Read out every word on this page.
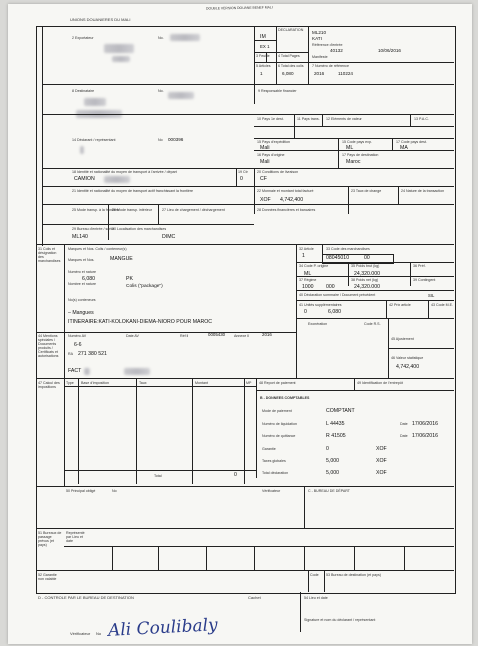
DOUBLE VERSION DOUANE BENEF MALI
UNIONS DOUANIERES DU MALI
DECLARATION
IM
EX 1
ML210
KATI
Référence d'entrée
40132	10/06/2016
Manifeste
3 Feuille 4 Total Pages
5 Articles
1
6 Total des colis
6,080
7 Numéro de référence
2016	110224
2 Exportateur	No.
8 Destinataire	No.	9 Responsable financier
10 Pays 1e dest.	11 Pays trans. 12 Eléments de valeur	13 P.A.C.
14 Déclarant / représentant	No 000396	15 Pays d'expédition
Mali
15 Code pays exp.
ML
17 Code pays dest.
MA
16 Pays d'origine
Mali
17 Pays de destination
Maroc
18 Identité et nationalité du moyen de transport à l'arrivée / départ
CAMION
19 Ctr
0
20 Conditions de livraison
CF
21 Identité et nationalité du moyen de transport actif franchissant la frontière	22 Monnaie et montant total facturé
XOF 4,742,400
23 Taux de change	24 Nature de la transaction
25 Mode transp. à la frontière
26 Mode transp. intérieur	27 Lieu de chargement / déchargement	28 Données financières et bancaires
29 Bureau d'entrée / sortie
ML140
30 Localisation des marchandises
DIMC
31 Colis et désignation des marchandises
Marques et Nos. Colis / conteneur(s)
MANGUE
Marques et Nos.
Numéro et nature
6,080	PK
Nombre et nature	Colis ("package")
No(s) conteneurs
– Mangues
ITINERAIRE:KATI-KOLOKANI-DIEMA-NIORO POUR MAROC
32 Article
1
33 Code des marchandises
08045010	00
34 Code P. origine
ML
35 Poids brut (kg)
24,320.000
36 Préf.
37 Régime
1000 000
38 Poids net (kg)
24,320.000
39 Contingent
40 Déclaration sommaire / Document précédent	SIL
41 Unités supplémentaires
0	6,080
42 Prix article	43 Code M.E.
44 Mentions spéciales / Documents produits / Certificats et autorisations
Numéro AV	Date AV	Réf ll	0005430 Annexe II	2016
6-6
RA 271 380 521
FACT
Exonération	Code R.S.
45 Ajustement
46 Valeur statistique
4,742,400
47 Calcul des impositions
Type Base d'imposition	Taux	Montant	MP
Total	0
48 Report de paiement	49 Identification de l'entrepôt
B - DONNEES COMPTABLES
Mode de paiement	COMPTANT
Numéro de liquidation	L 44435	Date 17/06/2016
Numéro de quittance	R 41505	Date 17/06/2016
Garantie	0	XOF
Taxes globales	5,000	XOF
Total déclaration	5,000	XOF
50 Principal obligé	No	Vérificateur	C - BUREAU DE DÉPART
51 Bureaux de passage prévus (et pays)
Représenté par Lieu et date
52 Garantie non valable
Code 53 Bureau de destination (et pays)
D - CONTROLE PAR LE BUREAU DE DESTINATION	Cachet	54 Lieu et date
Signature et nom du déclarant / représentant
Vérificateur No Ali Coulibaly
